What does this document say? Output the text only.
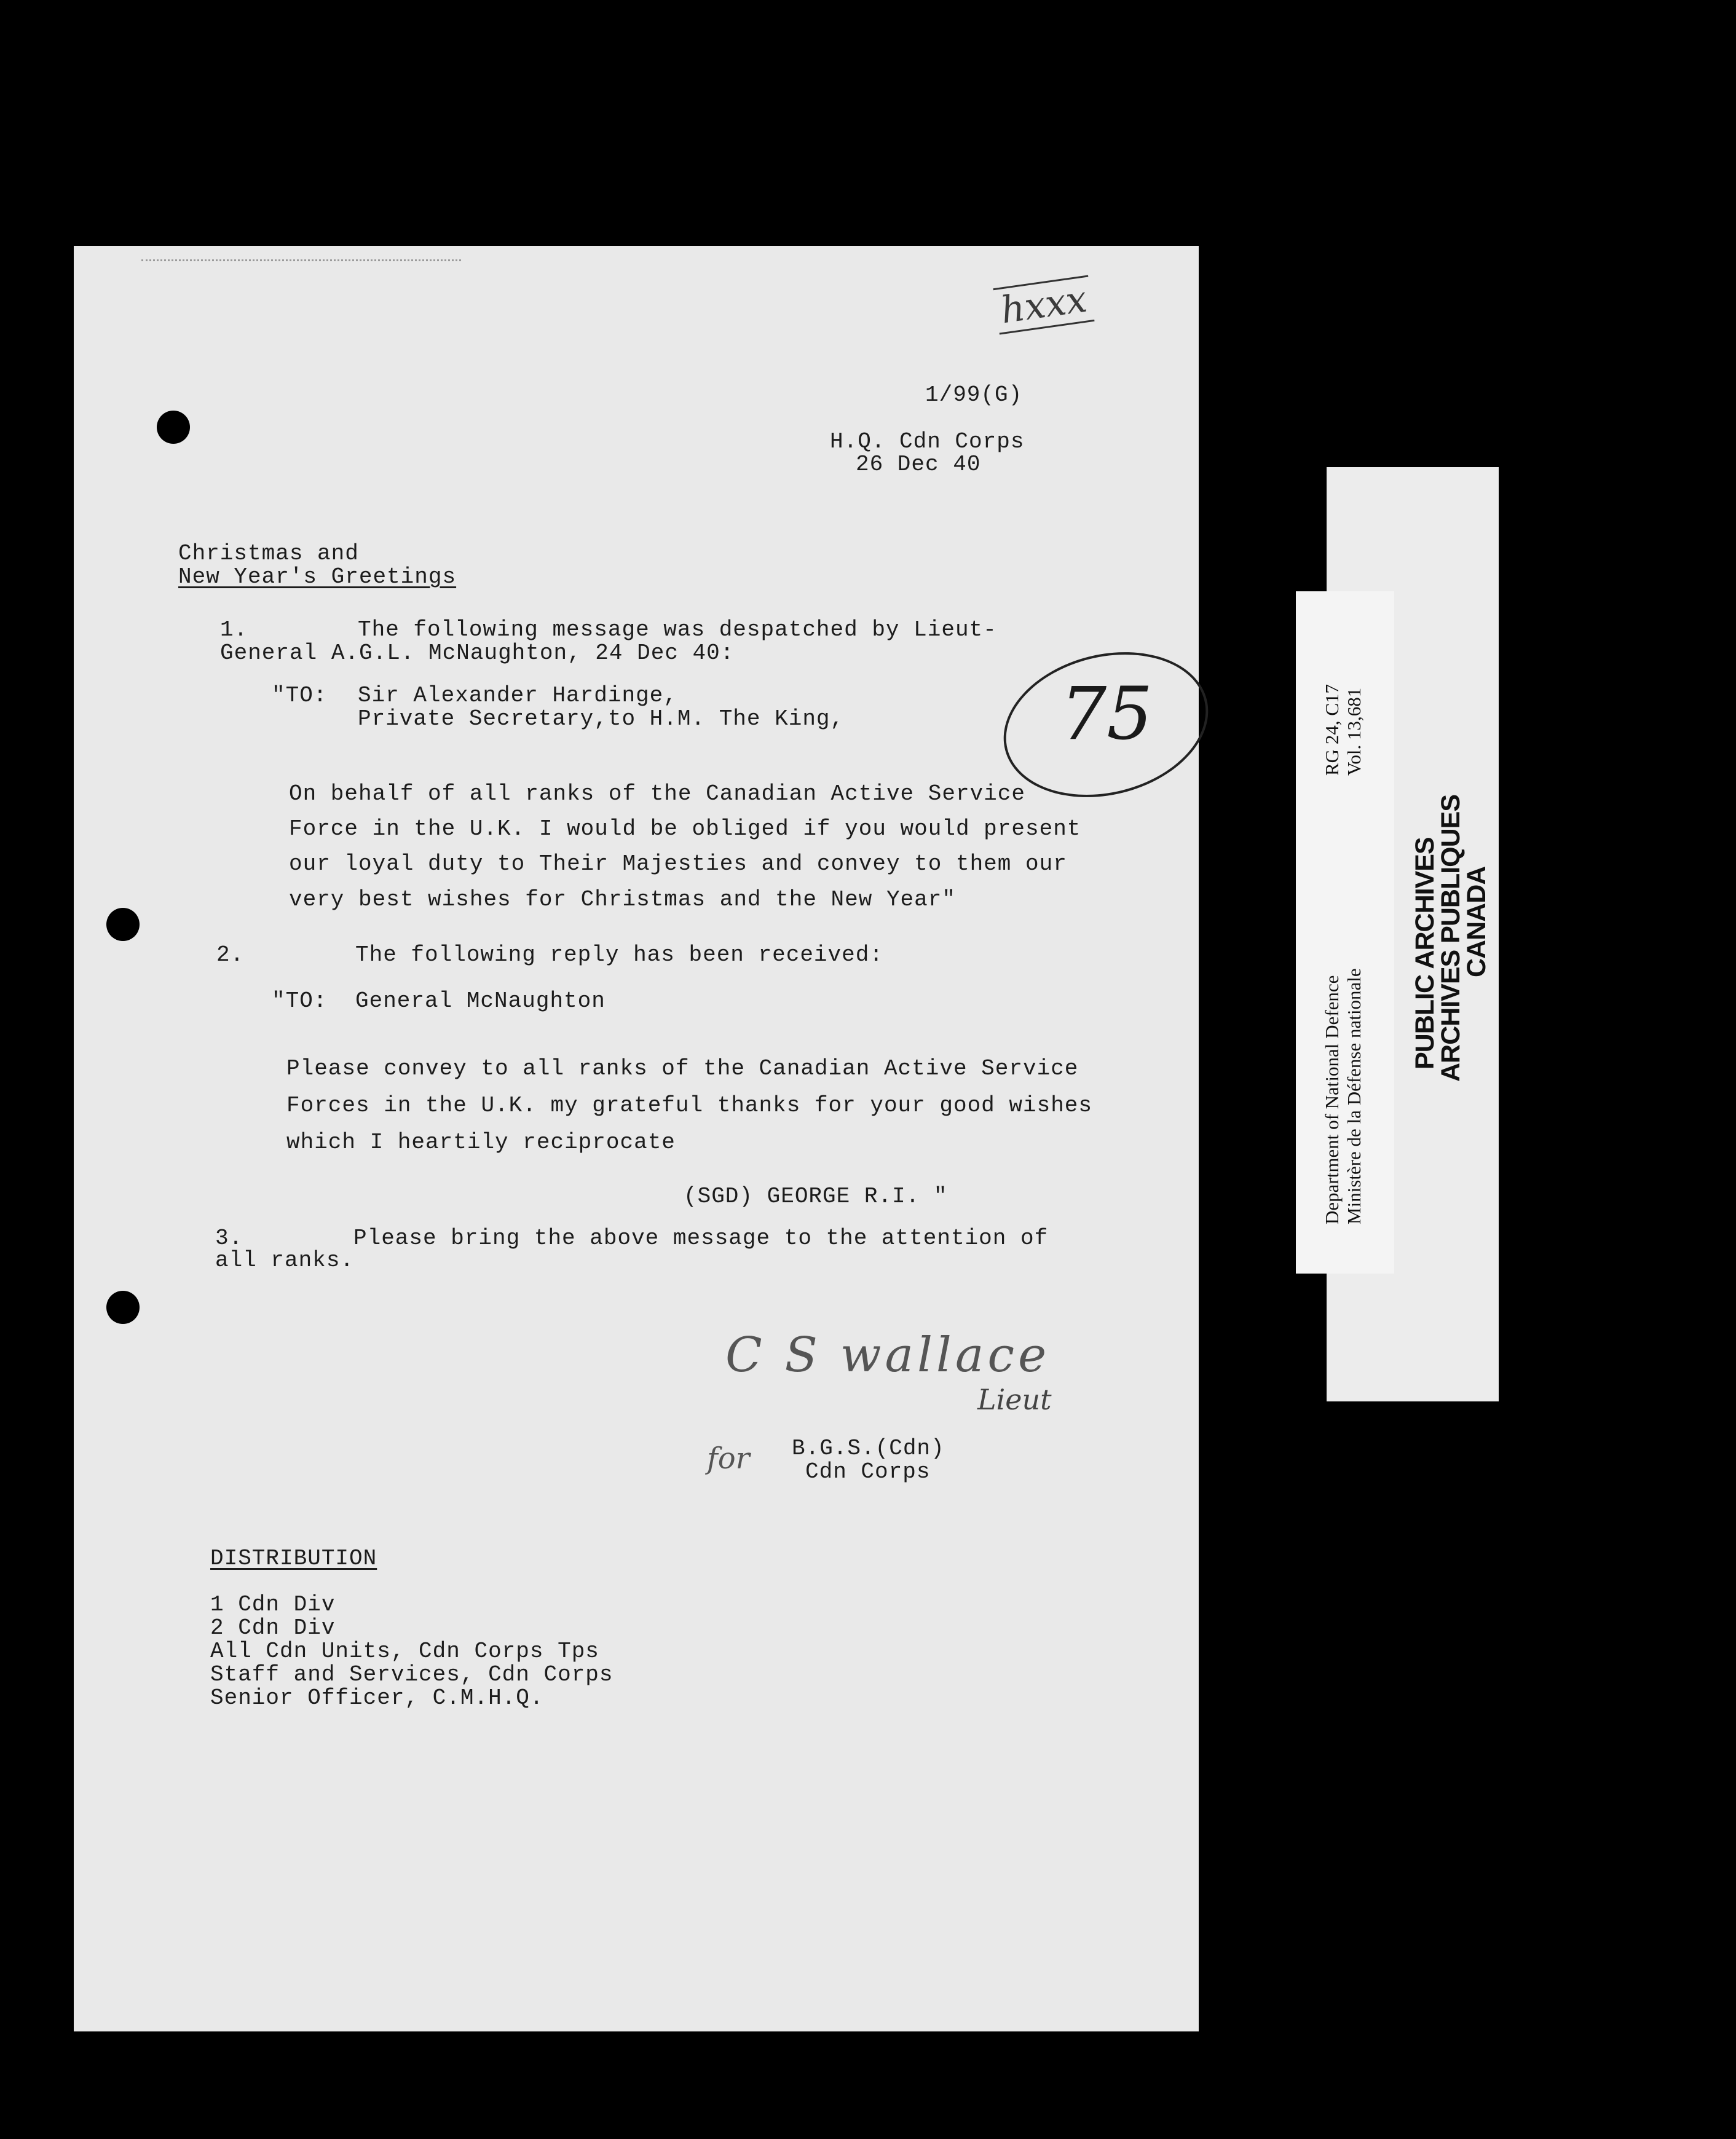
hxxx
1/99(G)
H.Q. Cdn Corps
26 Dec 40
75
Christmas and
New Year's Greetings
1.	The following message was despatched by Lieut-
General A.G.L. McNaughton, 24 Dec 40:
"TO: Sir Alexander Hardinge,
Private Secretary,to H.M. The King,
On behalf of all ranks of the Canadian Active Service
Force in the U.K. I would be obliged if you would present
our loyal duty to Their Majesties and convey to them our
very best wishes for Christmas and the New Year"
2.	The following reply has been received:
"TO: General McNaughton
Please convey to all ranks of the Canadian Active Service
Forces in the U.K. my grateful thanks for your good wishes
which I heartily reciprocate
(SGD) GEORGE R.I. "
3.	Please bring the above message to the attention of
all ranks.
C S wallace
Lieut
for B.G.S.(Cdn)
Cdn Corps
DISTRIBUTION
1 Cdn Div
2 Cdn Div
All Cdn Units, Cdn Corps Tps
Staff and Services, Cdn Corps
Senior Officer, C.M.H.Q.
PUBLIC ARCHIVES
ARCHIVES PUBLIQUES
CANADA
Department of National Defence Ministère de la Défense nationale
RG 24, C17 Vol. 13,681
